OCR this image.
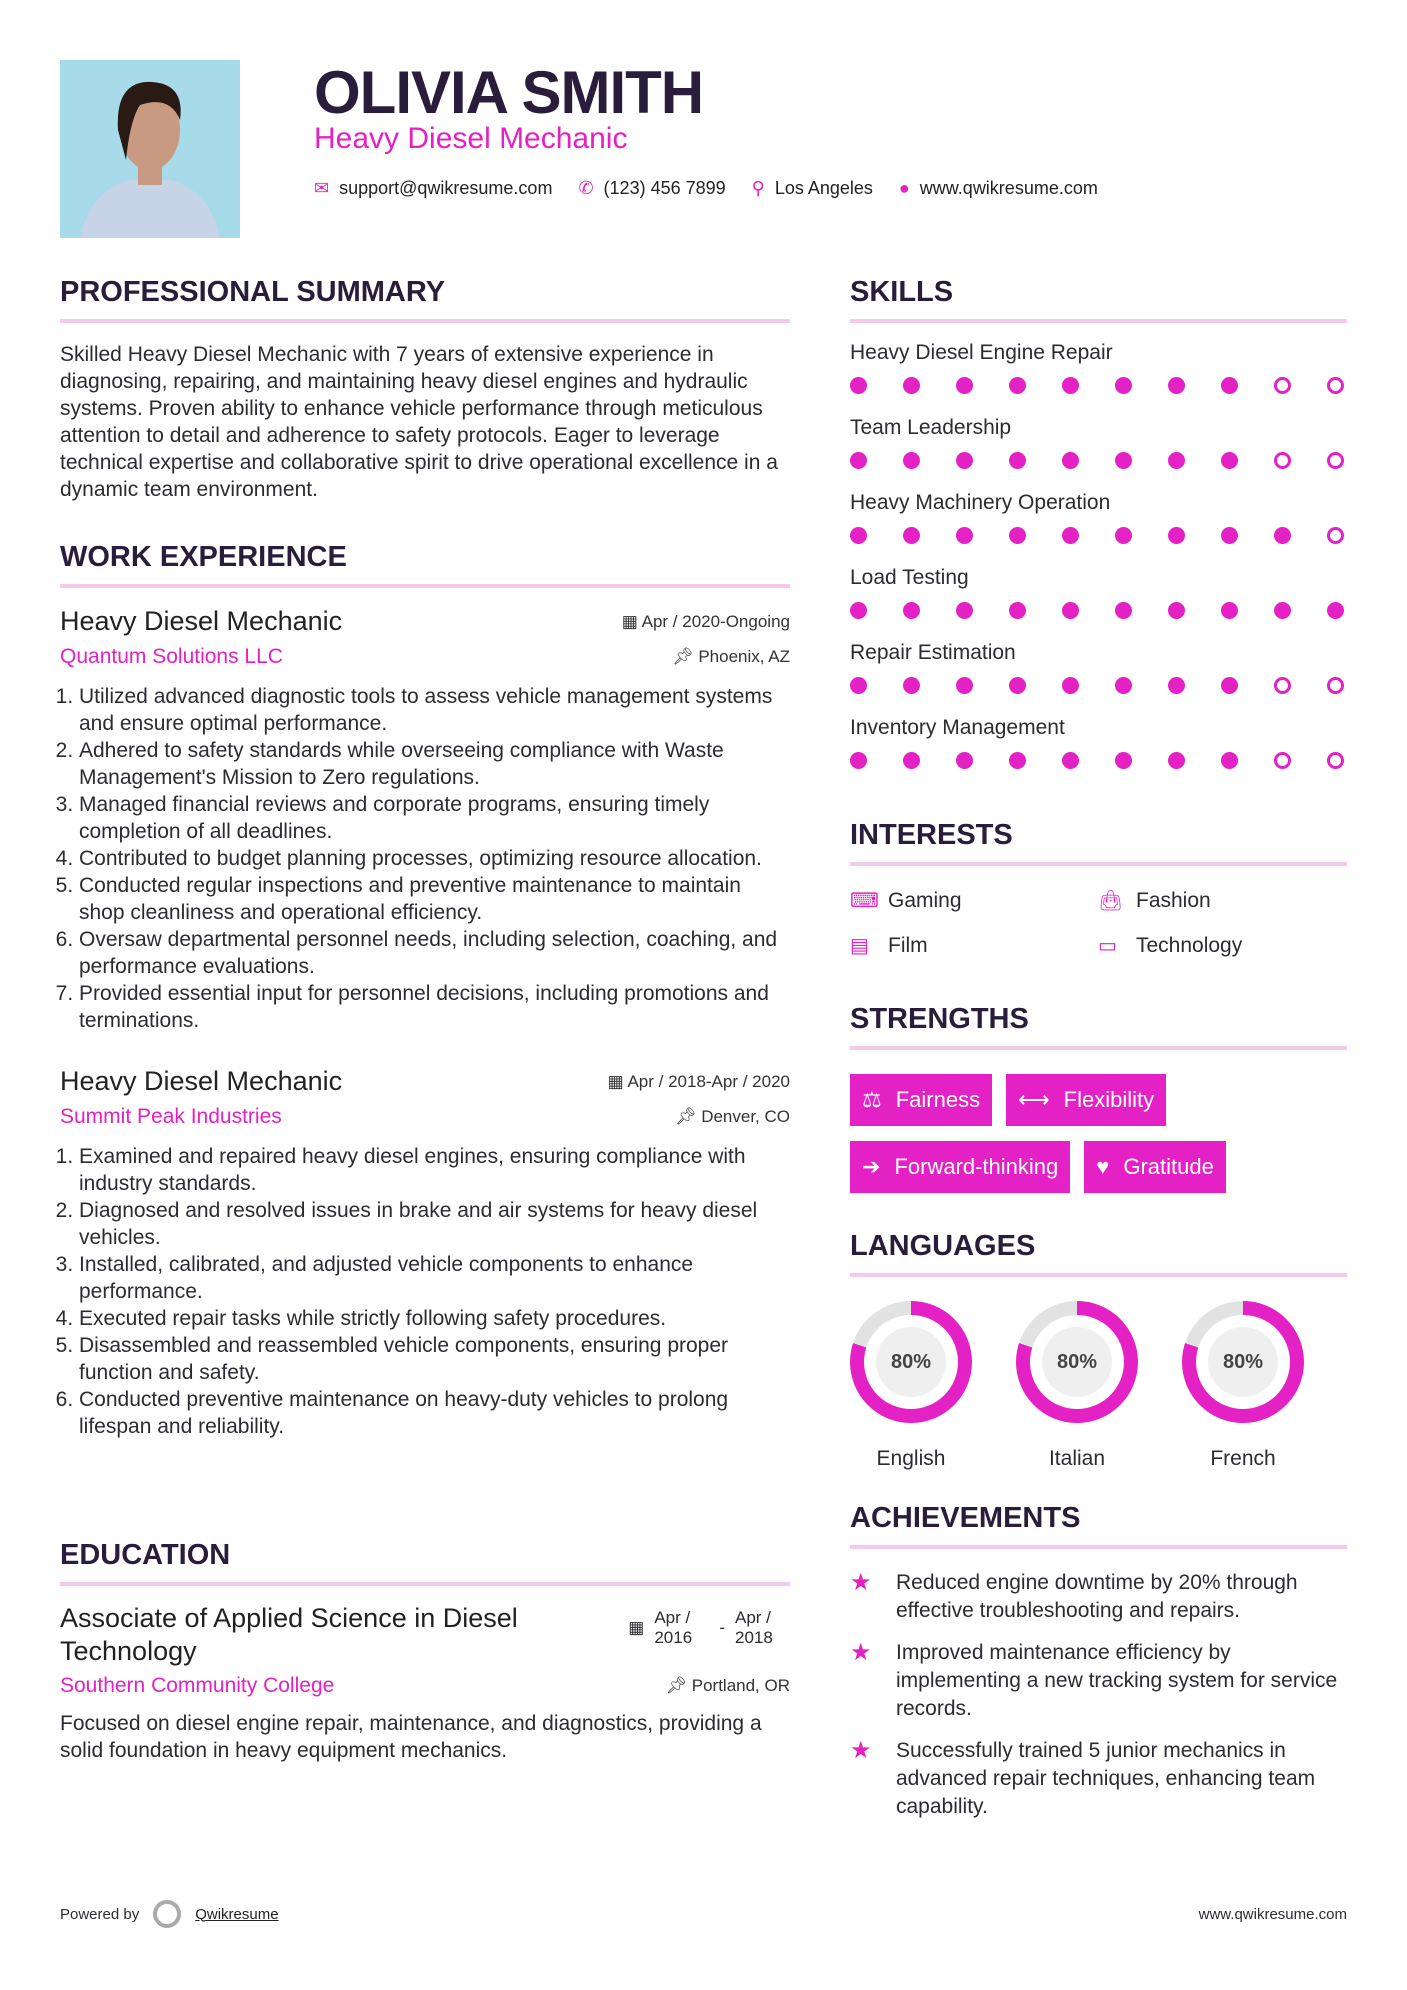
OLIVIA SMITH
Heavy Diesel Mechanic
✉ support@qwikresume.com ✆ (123) 456 7899 ⚲ Los Angeles ● www.qwikresume.com
PROFESSIONAL SUMMARY
Skilled Heavy Diesel Mechanic with 7 years of extensive experience in diagnosing, repairing, and maintaining heavy diesel engines and hydraulic systems. Proven ability to enhance vehicle performance through meticulous attention to detail and adherence to safety protocols. Eager to leverage technical expertise and collaborative spirit to drive operational excellence in a dynamic team environment.
WORK EXPERIENCE
Heavy Diesel Mechanic	▦ Apr / 2020-Ongoing
Quantum Solutions LLC	📌︎ Phoenix, AZ
1. Utilized advanced diagnostic tools to assess vehicle management systems and ensure optimal performance.
2. Adhered to safety standards while overseeing compliance with Waste Management's Mission to Zero regulations.
3. Managed financial reviews and corporate programs, ensuring timely completion of all deadlines.
4. Contributed to budget planning processes, optimizing resource allocation.
5. Conducted regular inspections and preventive maintenance to maintain shop cleanliness and operational efficiency.
6. Oversaw departmental personnel needs, including selection, coaching, and performance evaluations.
7. Provided essential input for personnel decisions, including promotions and terminations.
Heavy Diesel Mechanic	▦ Apr / 2018-Apr / 2020
Summit Peak Industries	📌︎ Denver, CO
1. Examined and repaired heavy diesel engines, ensuring compliance with industry standards.
2. Diagnosed and resolved issues in brake and air systems for heavy diesel vehicles.
3. Installed, calibrated, and adjusted vehicle components to enhance performance.
4. Executed repair tasks while strictly following safety procedures.
5. Disassembled and reassembled vehicle components, ensuring proper function and safety.
6. Conducted preventive maintenance on heavy-duty vehicles to prolong lifespan and reliability.
EDUCATION
Associate of Applied Science in Diesel Technology
▦
Apr / 2016
-
Apr / 2018
Southern Community College	📌︎ Portland, OR
Focused on diesel engine repair, maintenance, and diagnostics, providing a solid foundation in heavy equipment mechanics.
SKILLS
Heavy Diesel Engine Repair
Team Leadership
Heavy Machinery Operation
Load Testing
Repair Estimation
Inventory Management
INTERESTS
⌨ Gaming	👜︎ Fashion
▤ Film	▭ Technology
STRENGTHS
⚖ Fairness ⟷ Flexibility
➔ Forward-thinking ♥ Gratitude
LANGUAGES
80%
English
80%
Italian
80%
French
ACHIEVEMENTS
★	Reduced engine downtime by 20% through effective troubleshooting and repairs.
★	Improved maintenance efficiency by implementing a new tracking system for service records.
★	Successfully trained 5 junior mechanics in advanced repair techniques, enhancing team capability.
Powered by	Qwikresume	www.qwikresume.com
